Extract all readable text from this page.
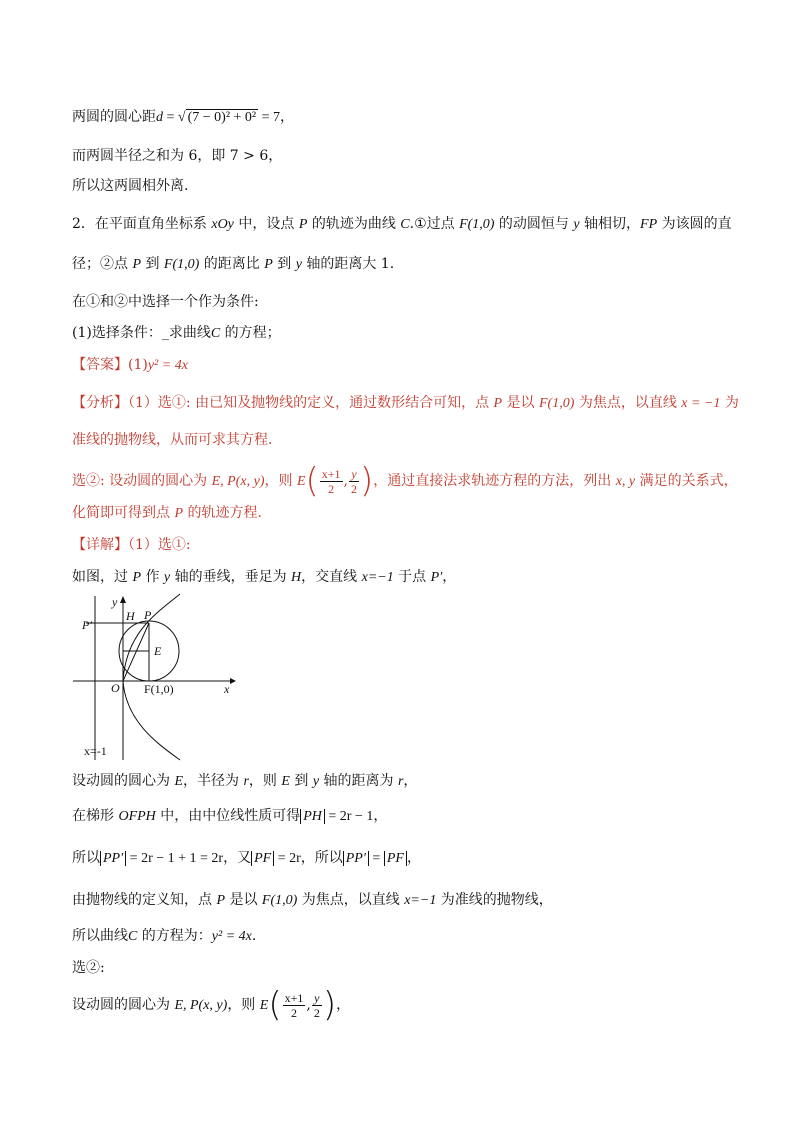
两圆的圆心距d = √ (7 − 0)² + 0² = 7，
而两圆半径之和为 6，即 7 > 6，
所以这两圆相外离.
2．在平面直角坐标系 xOy 中，设点 P 的轨迹为曲线 C.①过点 F(1,0) 的动圆恒与 y 轴相切，FP 为该圆的直
径；②点 P 到 F(1,0) 的距离比 P 到 y 轴的距离大 1.
在①和②中选择一个作为条件:
(1)选择条件：_求曲线C 的方程；
【答案】(1)y² = 4x
【分析】（1）选①: 由已知及抛物线的定义，通过数形结合可知，点 P 是以 F(1,0) 为焦点，以直线 x = −1 为
准线的抛物线，从而可求其方程.
选②: 设动圆的圆心为 E, P(x, y)，则 $E( \frac{x+1}{2}$ , $\frac{y}{2}$ )，通过直接法求轨迹方程的方法，列出 x, y 满足的关系式，
化简即可得到点 P 的轨迹方程.
【详解】（1）选①:
如图，过 P 作 y 轴的垂线，垂足为 H，交直线 x=−1 于点 P′，
y
P′
H P
E
O F(1,0)	x
x=-1
设动圆的圆心为 E，半径为 r，则 E 到 y 轴的距离为 r，
在梯形 OFPH 中，由中位线性质可得 PH = 2r − 1，
所以 PP′ = 2r − 1 + 1 = 2r，又 PF = 2r，所以 PP′ = PF ，
由抛物线的定义知，点 P 是以 F(1,0) 为焦点，以直线 x=−1 为准线的抛物线，
所以曲线C 的方程为：y² = 4x.
选②:
设动圆的圆心为 E, P(x, y)，则 $E( \frac{x+1}{2}$ , $\frac{y}{2}$ )，
